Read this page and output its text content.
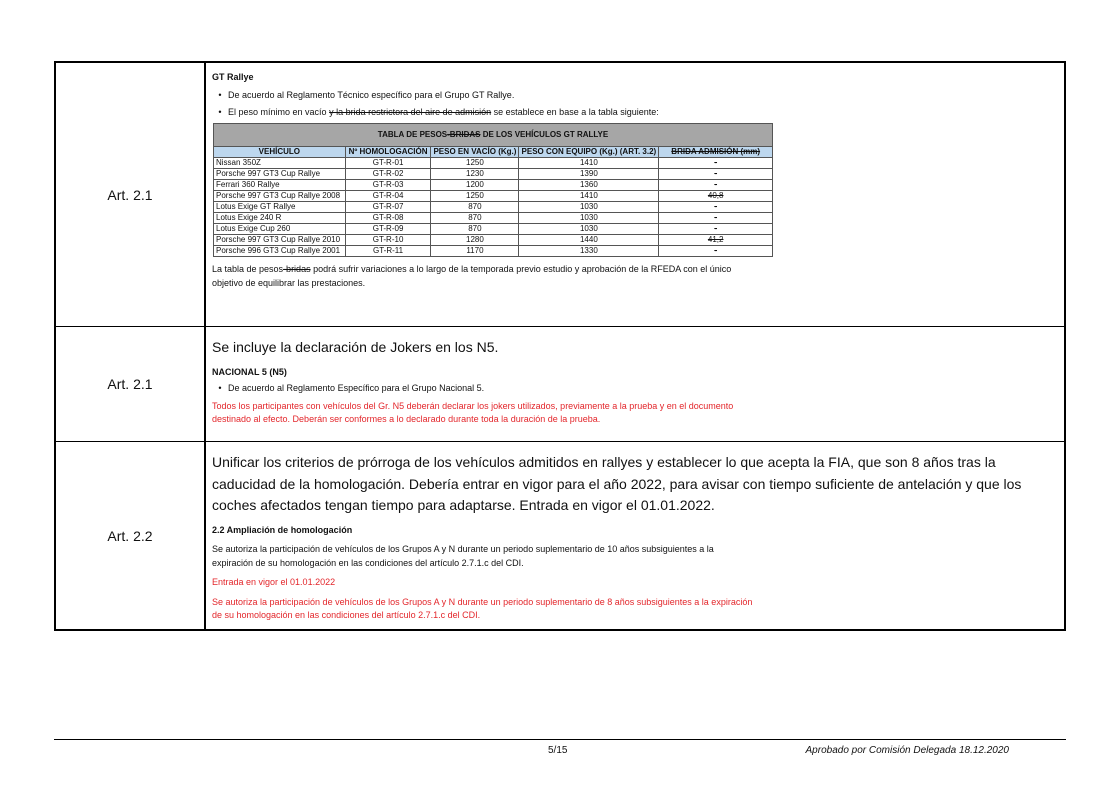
Art. 2.1
GT Rallye
• De acuerdo al Reglamento Técnico específico para el Grupo GT Rallye.
• El peso mínimo en vacío y la brida restrictora del aire de admisión se establece en base a la tabla siguiente:
TABLA DE PESOS-BRIDAS DE LOS VEHÍCULOS GT RALLYE				
VEHÍCULO	Nº HOMOLOGACIÓN	PESO EN VACÍO (Kg.)	PESO CON EQUIPO (Kg.) (ART. 3.2)	BRIDA ADMISIÓN (mm)
Nissan 350Z	GT-R-01	1250	1410	-
Porsche 997 GT3 Cup Rallye	GT-R-02	1230	1390	-
Ferrari 360 Rallye	GT-R-03	1200	1360	-
Porsche 997 GT3 Cup Rallye 2008	GT-R-04	1250	1410	40,8
Lotus Exige GT Rallye	GT-R-07	870	1030	-
Lotus Exige 240 R	GT-R-08	870	1030	-
Lotus Exige Cup 260	GT-R-09	870	1030	-
Porsche 997 GT3 Cup Rallye 2010	GT-R-10	1280	1440	41,2
Porsche 996 GT3 Cup Rallye 2001	GT-R-11	1170	1330	-
La tabla de pesos-bridas podrá sufrir variaciones a lo largo de la temporada previo estudio y aprobación de la RFEDA con el único
objetivo de equilibrar las prestaciones.
Art. 2.1
Se incluye la declaración de Jokers en los N5.
NACIONAL 5 (N5)
• De acuerdo al Reglamento Específico para el Grupo Nacional 5.
Todos los participantes con vehículos del Gr. N5 deberán declarar los jokers utilizados, previamente a la prueba y en el documento
destinado al efecto. Deberán ser conformes a lo declarado durante toda la duración de la prueba.
Art. 2.2
Unificar los criterios de prórroga de los vehículos admitidos en rallyes y establecer lo que acepta la FIA, que son 8 años tras la
caducidad de la homologación. Debería entrar en vigor para el año 2022, para avisar con tiempo suficiente de antelación y que los
coches afectados tengan tiempo para adaptarse. Entrada en vigor el 01.01.2022.
2.2 Ampliación de homologación
Se autoriza la participación de vehículos de los Grupos A y N durante un periodo suplementario de 10 años subsiguientes a la
expiración de su homologación en las condiciones del artículo 2.7.1.c del CDI.
Entrada en vigor el 01.01.2022
Se autoriza la participación de vehículos de los Grupos A y N durante un periodo suplementario de 8 años subsiguientes a la expiración
de su homologación en las condiciones del artículo 2.7.1.c del CDI.
5/15	Aprobado por Comisión Delegada 18.12.2020
